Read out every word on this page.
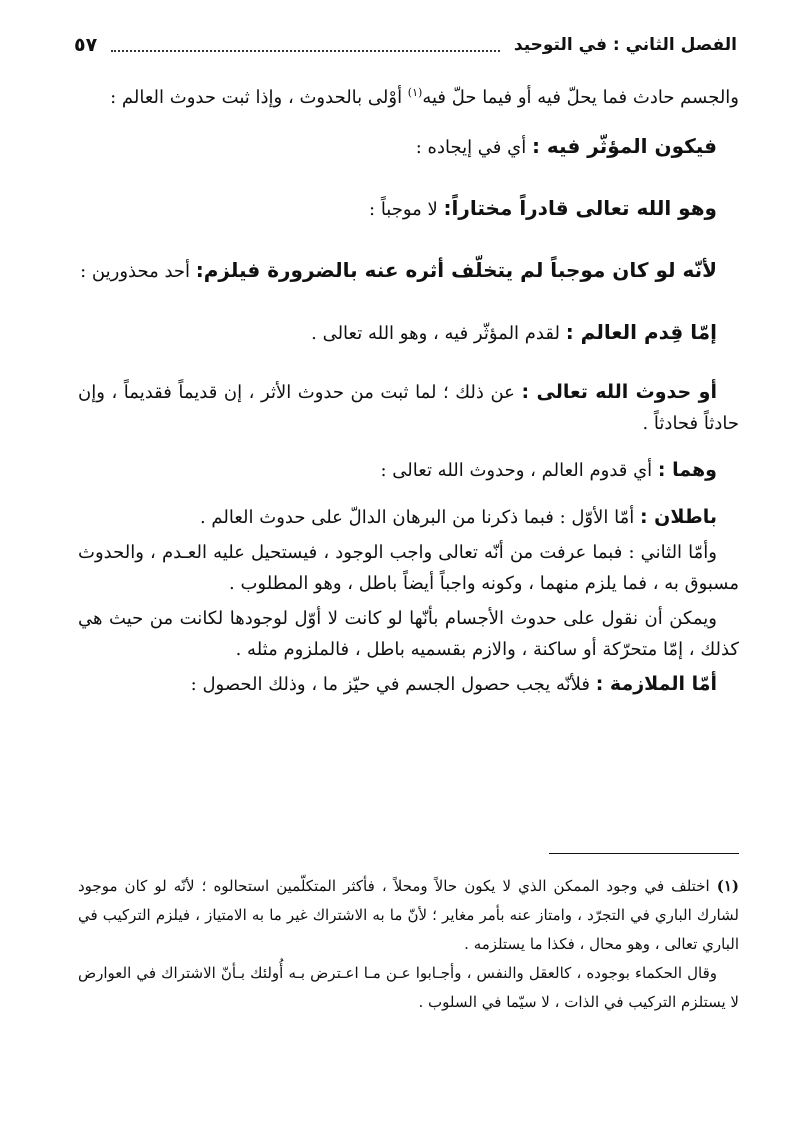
الفصل الثاني : في التوحيد
٥٧

والجسم حادث فما يحلّ فيه أو فيما حلّ فيه$^{(١)}$ أوْلى بالحدوث ، وإذا ثبت حدوث العالم :

فيكون المؤثّر فيه : أي في إيجاده :

وهو الله تعالى قادراً مختاراً: لا موجباً :

لأنّه لو كان موجباً لم يتخلّف أثره عنه بالضرورة فيلزم: أحد محذورين :

إمّا قِدم العالم : لقدم المؤثّر فيه ، وهو الله تعالى .

أو حدوث الله تعالى : عن ذلك ؛ لما ثبت من حدوث الأثر ، إن قديماً فقديماً ، وإن حادثاً فحادثاً .

وهما : أي قدوم العالم ، وحدوث الله تعالى :

باطلان : أمّا الأوّل : فبما ذكرنا من البرهان الدالّ على حدوث العالم .

وأمّا الثاني : فبما عرفت من أنّه تعالى واجب الوجود ، فيستحيل عليه العـدم ، والحدوث مسبوق به ، فما يلزم منهما ، وكونه واجباً أيضاً باطل ، وهو المطلوب .

ويمكن أن نقول على حدوث الأجسام بأنّها لو كانت لا أوّل لوجودها لكانت من حيث هي كذلك ، إمّا متحرّكة أو ساكنة ، والازم بقسميه باطل ، فالملزوم مثله .

أمّا الملازمة : فلأنّه يجب حصول الجسم في حيّز ما ، وذلك الحصول :

(١) اختلف في وجود الممكن الذي لا يكون حالاً ومحلاً ، فأكثر المتكلّمين استحالوه ؛ لأنّه لو كان موجود لشارك الباري في التجرّد ، وامتاز عنه بأمر مغاير ؛ لأنّ ما به الاشتراك غير ما به الامتياز ، فيلزم التركيب في الباري تعالى ، وهو محال ، فكذا ما يستلزمه .

وقال الحكماء بوجوده ، كالعقل والنفس ، وأجـابوا عـن مـا اعـترض بـه أُولئك بـأنّ الاشتراك في العوارض لا يستلزم التركيب في الذات ، لا سيّما في السلوب .
